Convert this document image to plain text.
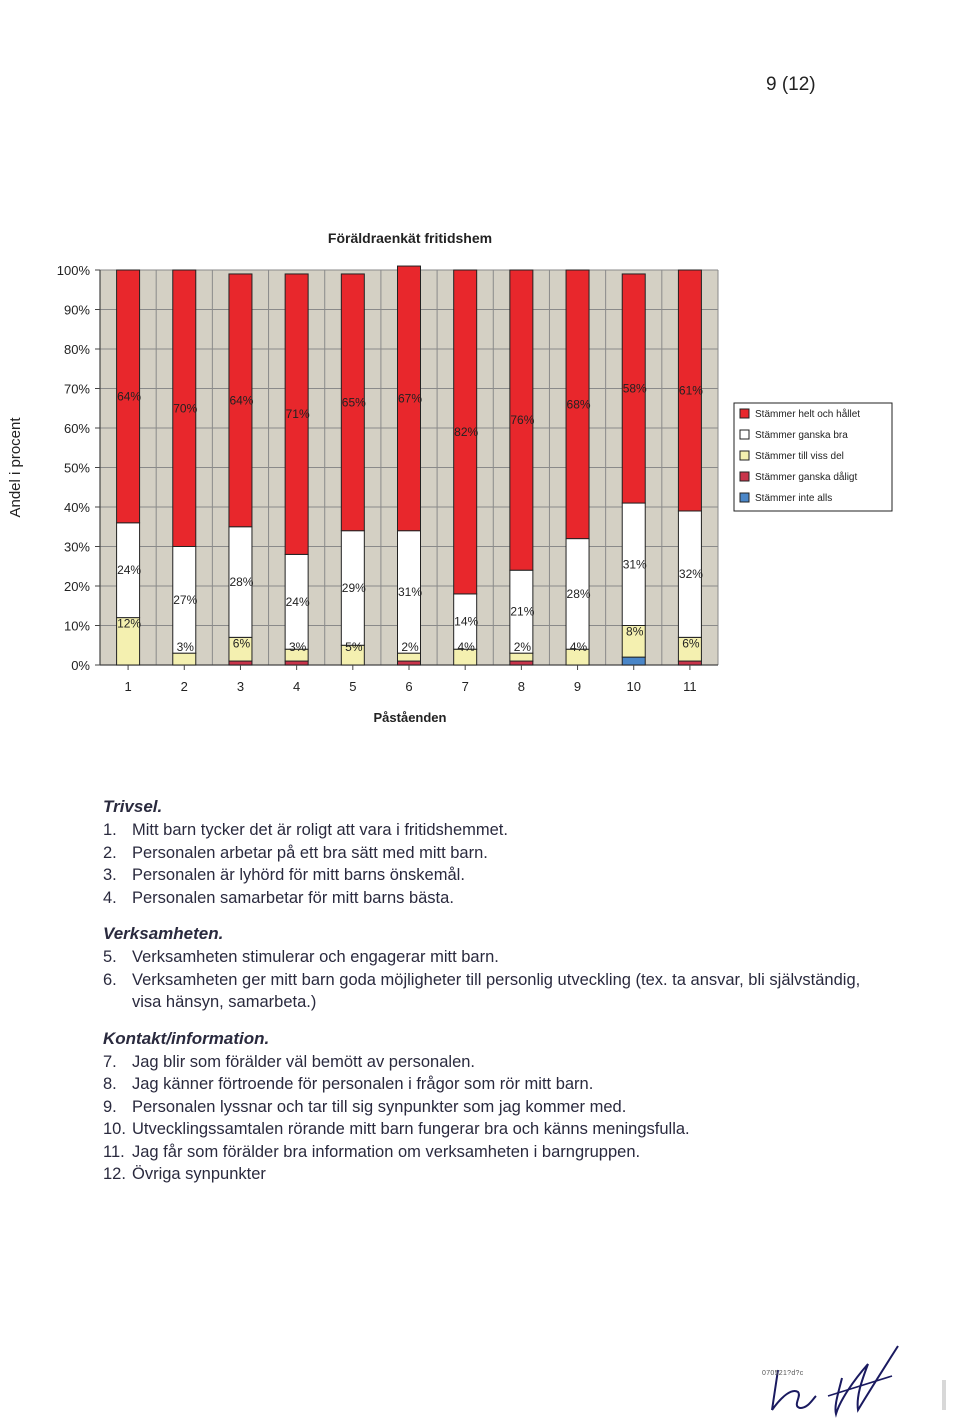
9 (12)
0%
10%
20%
30%
40%
50%
60%
70%
80%
90%
100%
12%
24%
64%
1
3%
27%
70%
2
6%
28%
64%
3
3%
24%
71%
4
5%
29%
65%
5
2%
31%
67%
6
4%
14%
82%
7
2%
21%
76%
8
4%
28%
68%
9
8%
31%
58%
10
6%
32%
61%
11
Föräldraenkät fritidshem
Påståenden
Andel i procent
Stämmer helt och hållet
Stämmer ganska bra
Stämmer till viss del
Stämmer ganska dåligt
Stämmer inte alls
Trivsel.
1. Mitt barn tycker det är roligt att vara i fritidshemmet.
2. Personalen arbetar på ett bra sätt med mitt barn.
3. Personalen är lyhörd för mitt barns önskemål.
4. Personalen samarbetar för mitt barns bästa.
Verksamheten.
5. Verksamheten stimulerar och engagerar mitt barn.
6. Verksamheten ger mitt barn goda möjligheter till personlig utveckling (tex. ta ansvar, bli självständig, visa hänsyn, samarbeta.)
Kontakt/information.
7. Jag blir som förälder väl bemött av personalen.
8. Jag känner förtroende för personalen i frågor som rör mitt barn.
9. Personalen lyssnar och tar till sig synpunkter som jag kommer med.
10. Utvecklingssamtalen rörande mitt barn fungerar bra och känns meningsfulla.
11. Jag får som förälder bra information om verksamheten i barngruppen.
12. Övriga synpunkter
070521?d?c
